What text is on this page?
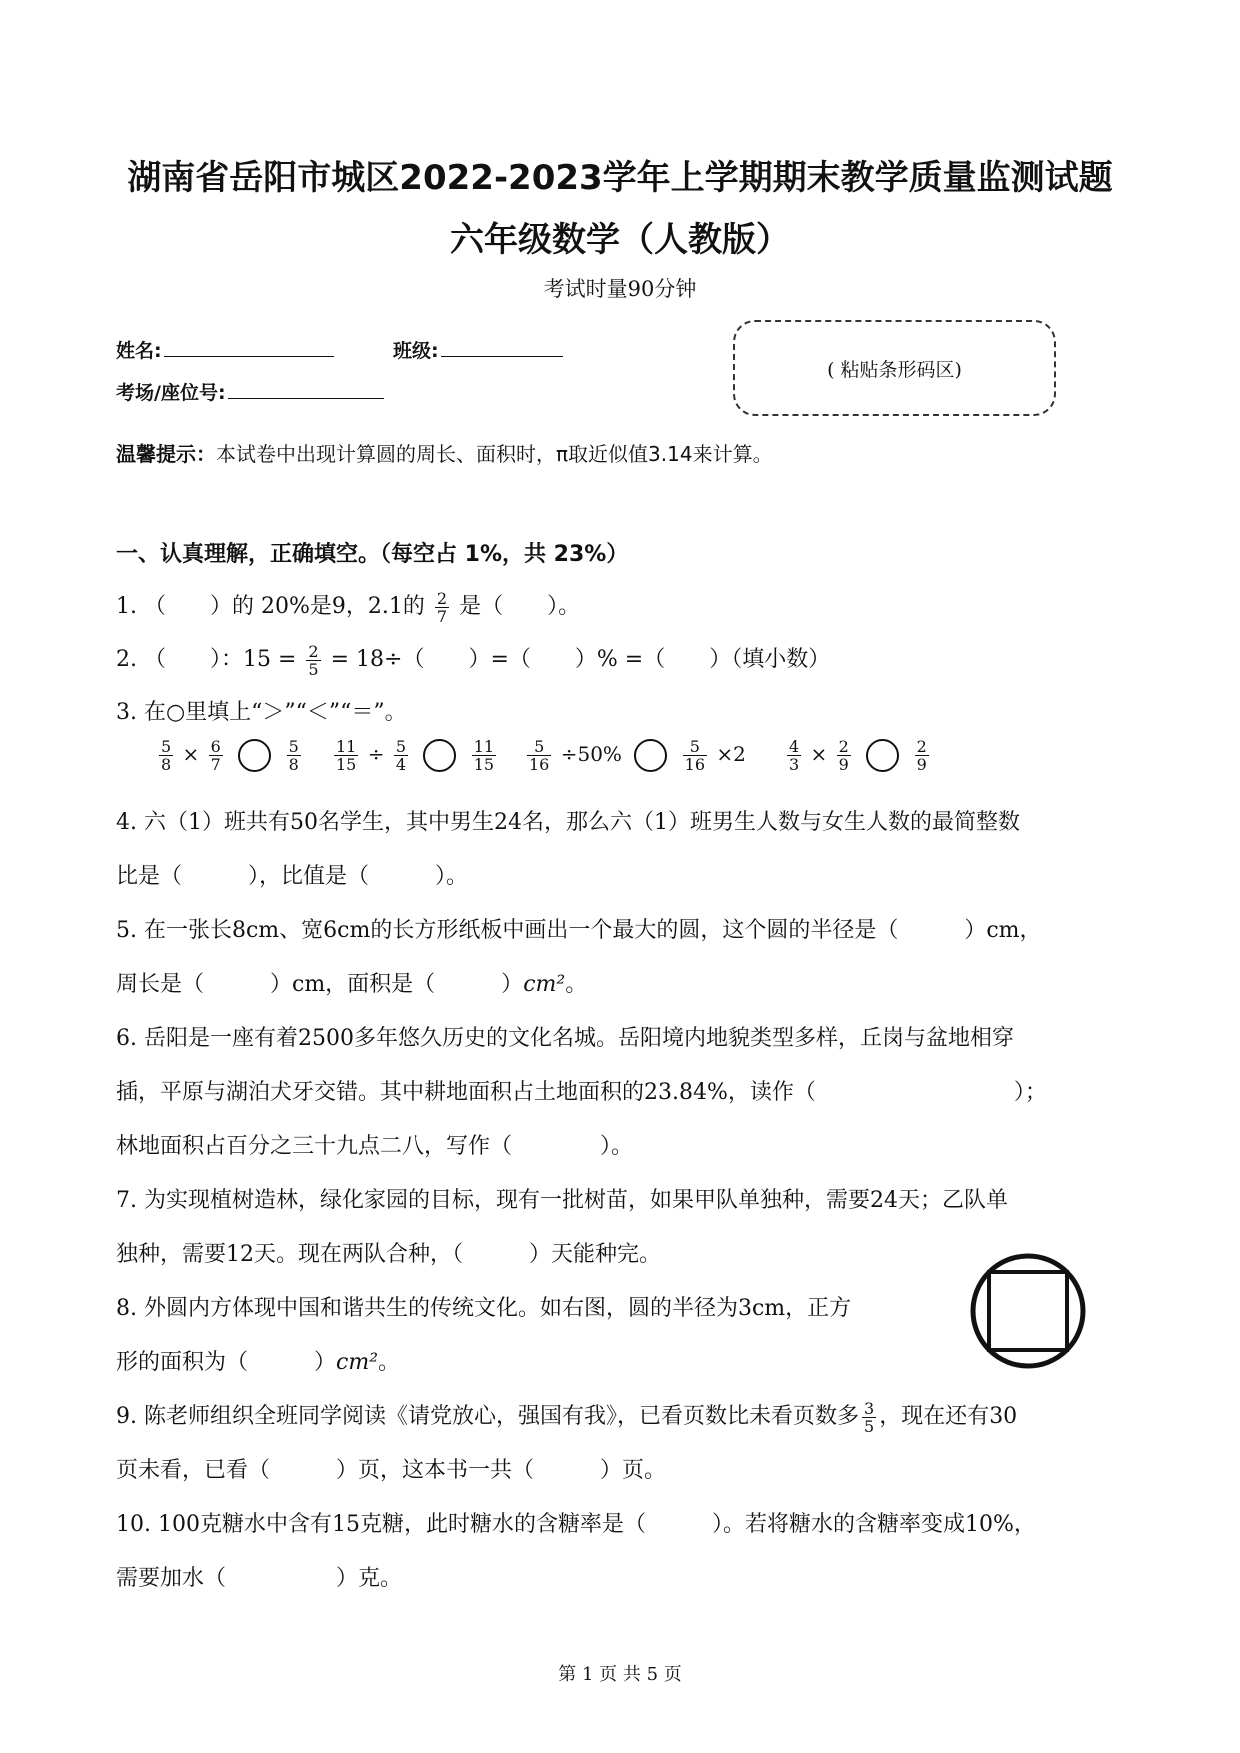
湖南省岳阳市城区2022-2023学年上学期期末教学质量监测试题
六年级数学（人教版）
考试时量90分钟
姓名:	班级:
考场/座位号:
( 粘贴条形码区)
温馨提示：本试卷中出现计算圆的周长、面积时，π取近似值3.14来计算。
一、认真理解，正确填空。（每空占 1%，共 23%）
1. （　　）的 20%是9，2.1的 $\frac{2}{7}$ 是（　　）。
2. （　　）：$15 = \frac{2}{5} = 18\div$（　　）=（　　）% =（　　）（填小数）
3. 在○里填上“＞”“＜”“＝”。
$\frac{5}{8} \times \frac{6}{7}$
	$\frac{5}{8} \frac{11}{15} \div \frac{5}{4}$
	$\frac{11}{15} \frac{5}{16} \div 50\%$	$\frac{5}{16} \times 2$	$\frac{4}{3} \times \frac{2}{9}$
	$\frac{2}{9}$
4. 六（1）班共有50名学生，其中男生24名，那么六（1）班男生人数与女生人数的最简整数
比是（　　　），比值是（　　　）。
5. 在一张长8cm、宽6cm的长方形纸板中画出一个最大的圆，这个圆的半径是（　　　）cm，
周长是（　　　）cm，面积是（　　　）cm²。
6. 岳阳是一座有着2500多年悠久历史的文化名城。岳阳境内地貌类型多样，丘岗与盆地相穿
插，平原与湖泊犬牙交错。其中耕地面积占土地面积的23.84%，读作（　　　　　　　　　）；
林地面积占百分之三十九点二八，写作（　　　　）。
7. 为实现植树造林，绿化家园的目标，现有一批树苗，如果甲队单独种，需要24天；乙队单
独种，需要12天。现在两队合种，（　　　）天能种完。
8. 外圆内方体现中国和谐共生的传统文化。如右图，圆的半径为3cm，正方
形的面积为（　　　）cm²。
9. 陈老师组织全班同学阅读《请党放心，强国有我》，已看页数比未看页数多 $\frac{3}{5}$ ，现在还有30
页未看，已看（　　　）页，这本书一共（　　　）页。
10. 100克糖水中含有15克糖，此时糖水的含糖率是（　　　）。若将糖水的含糖率变成10%，
需要加水（　　　　　）克。
第 1 页 共 5 页
